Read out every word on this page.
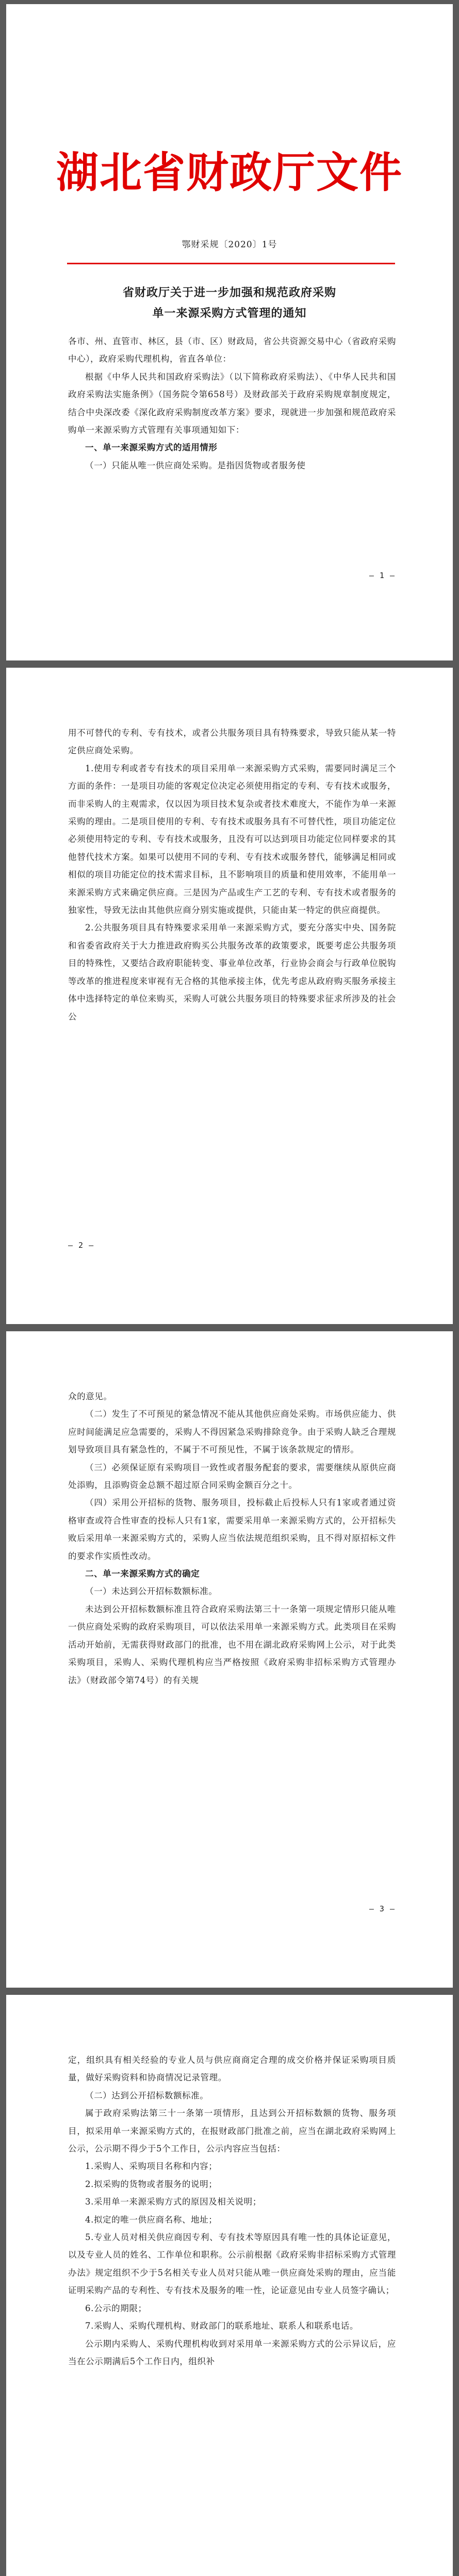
湖北省财政厅文件
鄂财采规〔2020〕1号
省财政厅关于进一步加强和规范政府采购
单一来源采购方式管理的通知

各市、州、直管市、林区，县（市、区）财政局，省公共资源交易中心（省政府采购中心），政府采购代理机构，省直各单位：

根据《中华人民共和国政府采购法》（以下简称政府采购法）、《中华人民共和国政府采购法实施条例》（国务院令第658号）及财政部关于政府采购规章制度规定，结合中央深改委《深化政府采购制度改革方案》要求，现就进一步加强和规范政府采购单一来源采购方式管理有关事项通知如下：

一、单一来源采购方式的适用情形

（一）只能从唯一供应商处采购。是指因货物或者服务使

— 1 —

用不可替代的专利、专有技术，或者公共服务项目具有特殊要求，导致只能从某一特定供应商处采购。

1.使用专利或者专有技术的项目采用单一来源采购方式采购，需要同时满足三个方面的条件：一是项目功能的客观定位决定必须使用指定的专利、专有技术或服务，而非采购人的主观需求，仅以因为项目技术复杂或者技术难度大，不能作为单一来源采购的理由。二是项目使用的专利、专有技术或服务具有不可替代性，项目功能定位必须使用特定的专利、专有技术或服务，且没有可以达到项目功能定位同样要求的其他替代技术方案。如果可以使用不同的专利、专有技术或服务替代，能够满足相同或相似的项目功能定位的技术需求目标，且不影响项目的质量和使用效率，不能用单一来源采购方式来确定供应商。三是因为产品或生产工艺的专利、专有技术或者服务的独家性，导致无法由其他供应商分别实施或提供，只能由某一特定的供应商提供。

2.公共服务项目具有特殊要求采用单一来源采购方式，要充分落实中央、国务院和省委省政府关于大力推进政府购买公共服务改革的政策要求，既要考虑公共服务项目的特殊性，又要结合政府职能转变、事业单位改革，行业协会商会与行政单位脱钩等改革的推进程度来审视有无合格的其他承接主体，优先考虑从政府购买服务承接主体中选择特定的单位来购买，采购人可就公共服务项目的特殊要求征求所涉及的社会公

— 2 —

众的意见。

（二）发生了不可预见的紧急情况不能从其他供应商处采购。市场供应能力、供应时间能满足应急需要的，采购人不得因紧急采购排除竞争。由于采购人缺乏合理规划导致项目具有紧急性的，不属于不可预见性，不属于该条款规定的情形。

（三）必须保证原有采购项目一致性或者服务配套的要求，需要继续从原供应商处添购，且添购资金总额不超过原合同采购金额百分之十。

（四）采用公开招标的货物、服务项目，投标截止后投标人只有1家或者通过资格审查或符合性审查的投标人只有1家，需要采用单一来源采购方式的，公开招标失败后采用单一来源采购方式的，采购人应当依法规范组织采购，且不得对原招标文件的要求作实质性改动。

二、单一来源采购方式的确定

（一）未达到公开招标数额标准。

未达到公开招标数额标准且符合政府采购法第三十一条第一项规定情形只能从唯一供应商处采购的政府采购项目，可以依法采用单一来源采购方式。此类项目在采购活动开始前，无需获得财政部门的批准，也不用在湖北政府采购网上公示，对于此类采购项目，采购人、采购代理机构应当严格按照《政府采购非招标采购方式管理办法》（财政部令第74号）的有关规

— 3 —

定，组织具有相关经验的专业人员与供应商商定合理的成交价格并保证采购项目质量，做好采购资料和协商情况记录管理。

（二）达到公开招标数额标准。

属于政府采购法第三十一条第一项情形，且达到公开招标数额的货物、服务项目，拟采用单一来源采购方式的，在报财政部门批准之前，应当在湖北政府采购网上公示，公示期不得少于5个工作日，公示内容应当包括：

1.采购人、采购项目名称和内容；

2.拟采购的货物或者服务的说明；

3.采用单一来源采购方式的原因及相关说明；

4.拟定的唯一供应商名称、地址；

5.专业人员对相关供应商因专利、专有技术等原因具有唯一性的具体论证意见，以及专业人员的姓名、工作单位和职称。公示前根据《政府采购非招标采购方式管理办法》规定组织不少于5名相关专业人员对只能从唯一供应商处采购的理由，应当能证明采购产品的专利性、专有技术及服务的唯一性，论证意见由专业人员签字确认；

6.公示的期限；

7.采购人、采购代理机构、财政部门的联系地址、联系人和联系电话。

公示期内采购人、采购代理机构收到对采用单一来源采购方式的公示异议后，应当在公示期满后5个工作日内，组织补
